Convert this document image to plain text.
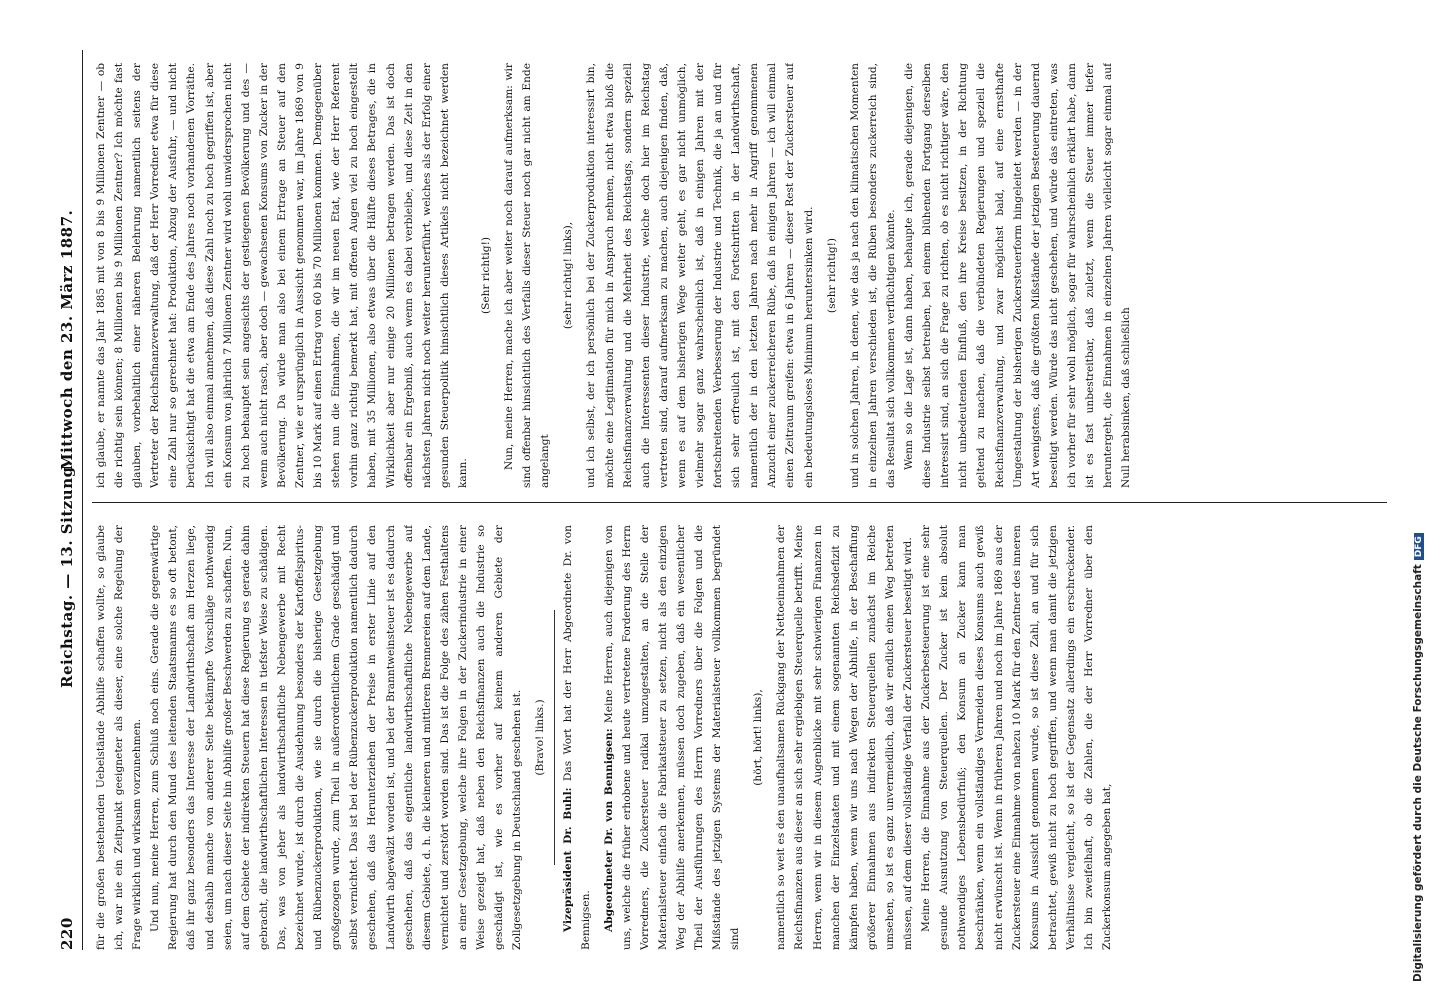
220
Reichstag. — 13. Sitzung.
Mittwoch den 23. März 1887.

für die großen bestehenden Uebelstände Abhilfe schaffen wollte, so glaube ich, war nie ein Zeitpunkt geeigneter als dieser, eine solche Regelung der Frage wirklich und wirksam vorzunehmen. Und nun, meine Herren, zum Schluß noch eins. Gerade die gegenwärtige Regierung hat durch den Mund des leitenden Staatsmanns es so oft betont, daß ihr ganz besonders das Interesse der Landwirthschaft am Herzen liege, und deshalb manche von anderer Seite bekämpfte Vorschläge nothwendig seien, um nach dieser Seite hin Abhilfe großer Beschwerden zu schaffen. Nun, auf dem Gebiete der indirekten Steuern hat diese Regierung es gerade dahin gebracht, die landwirthschaftlichen Interessen in tiefster Weise zu schädigen. Das, was von jeher als landwirthschaftliche Nebengewerbe mit Recht bezeichnet wurde, ist durch die Ausdehnung besonders der Kartoffelspiritus- und Rübenzuckerproduktion, wie sie durch die bisherige Gesetzgebung großgezogen wurde, zum Theil in außerordentlichem Grade geschädigt und selbst vernichtet. Das ist bei der Rübenzuckerproduktion namentlich dadurch geschehen, daß das Herunterziehen der Preise in erster Linie auf den Landwirth abgewälzt worden ist, und bei der Branntweinsteuer ist es dadurch geschehen, daß das eigentliche landwirthschaftliche Nebengewerbe auf diesem Gebiete, d. h. die kleineren und mittleren Brennereien auf dem Lande, vernichtet und zerstört worden sind. Das ist die Folge des zähen Festhaltens an einer Gesetzgebung, welche ihre Folgen in der Zuckerindustrie in einer Weise gezeigt hat, daß neben den Reichsfinanzen auch die Industrie so geschädigt ist, wie es vorher auf keinem anderen Gebiete der Zollgesetzgebung in Deutschland geschehen ist. (Bravo! links.)

Vizepräsident Dr. Buhl: Das Wort hat der Herr Abgeordnete Dr. von Bennigsen. Abgeordneter Dr. von Bennigsen: Meine Herren, auch diejenigen von uns, welche die früher erhobene und heute vertretene Forderung des Herrn Vorredners, die Zuckersteuer radikal umzugestalten, an die Stelle der Materialsteuer einfach die Fabrikatsteuer zu setzen, nicht als den einzigen Weg der Abhilfe anerkennen, müssen doch zugeben, daß ein wesentlicher Theil der Ausführungen des Herrn Vorredners über die Folgen und die Mißstände des jetzigen Systems der Materialsteuer vollkommen begründet sind

(hört, hört! links), namentlich so weit es den unaufhaltsamen Rückgang der Nettoeinnahmen der Reichsfinanzen aus dieser an sich sehr ergiebigen Steuerquelle betrifft. Meine Herren, wenn wir in diesem Augenblicke mit sehr schwierigen Finanzen in manchen der Einzelstaaten und mit einem sogenannten Reichsdefizit zu kämpfen haben, wenn wir uns nach Wegen der Abhilfe, in der Beschaffung größerer Einnahmen aus indirekten Steuerquellen zunächst im Reiche umsehen, so ist es ganz unvermeidlich, daß wir endlich einen Weg betreten müssen, auf dem dieser vollständige Verfall der Zuckersteuer beseitigt wird. Meine Herren, die Einnahme aus der Zuckerbesteuerung ist eine sehr gesunde Ausnutzung von Steuerquellen. Der Zucker ist kein absolut nothwendiges Lebensbedürfniß; den Konsum an Zucker kann man beschränken, wenn ein vollständiges Vermeiden dieses Konsums auch gewiß nicht erwünscht ist. Wenn in früheren Jahren und noch im Jahre 1869 aus der Zuckersteuer eine Einnahme von nahezu 10 Mark für den Zentner des inneren Konsums in Aussicht genommen wurde, so ist diese Zahl, an und für sich betrachtet, gewiß nicht zu hoch gegriffen, und wenn man damit die jetzigen Verhältnisse vergleicht, so ist der Gegensatz allerdings ein erschreckender. Ich bin zweifelhaft, ob die Zahlen, die der Herr Vorredner über den Zuckerkonsum angegeben hat,

ich glaube, er nannte das Jahr 1885 mit von 8 bis 9 Millionen Zentner — ob die richtig sein können; 8 Millionen bis 9 Millionen Zentner? Ich möchte fast glauben, vorbehaltlich einer näheren Belehrung namentlich seitens der Vertreter der Reichsfinanzverwaltung, daß der Herr Vorredner etwa für diese eine Zahl nur so gerechnet hat: Produktion, Abzug der Ausfuhr, — und nicht berücksichtigt hat die etwa am Ende des Jahres noch vorhandenen Vorräthe. Ich will also einmal annehmen, daß diese Zahl noch zu hoch gegriffen ist, aber ein Konsum von jährlich 7 Millionen Zentner wird wohl unwidersprochen nicht zu hoch behauptet sein angesichts der gestiegenen Bevölkerung und des — wenn auch nicht rasch, aber doch — gewachsenen Konsums von Zucker in der Bevölkerung. Da würde man also bei einem Ertrage an Steuer auf den Zentner, wie er ursprünglich in Aussicht genommen war, im Jahre 1869 von 9 bis 10 Mark auf einen Ertrag von 60 bis 70 Millionen kommen. Demgegenüber stehen nun die Einnahmen, die wir im neuen Etat, wie der Herr Referent vorhin ganz richtig bemerkt hat, mit offenen Augen viel zu hoch eingestellt haben, mit 35 Millionen, also etwas über die Hälfte dieses Betrages, die in Wirklichkeit aber nur einige 20 Millionen betragen werden. Das ist doch offenbar ein Ergebniß, auch wenn es dabei verbleibe, und diese Zeit in den nächsten Jahren nicht noch weiter herunterführt, welches als der Erfolg einer gesunden Steuerpolitik hinsichtlich dieses Artikels nicht bezeichnet werden kann.

(Sehr richtig!) Nun, meine Herren, mache ich aber weiter noch darauf aufmerksam: wir sind offenbar hinsichtlich des Verfalls dieser Steuer noch gar nicht am Ende angelangt

(sehr richtig! links), und ich selbst, der ich persönlich bei der Zuckerproduktion interessirt bin, möchte eine Legitimation für mich in Anspruch nehmen, nicht etwa bloß die Reichsfinanzverwaltung und die Mehrheit des Reichstags, sondern speziell auch die Interessenten dieser Industrie, welche doch hier im Reichstag vertreten sind, darauf aufmerksam zu machen, auch diejenigen finden, daß, wenn es auf dem bisherigen Wege weiter geht, es gar nicht unmöglich, vielmehr sogar ganz wahrscheinlich ist, daß in einigen Jahren mit der fortschreitenden Verbesserung der Industrie und Technik, die ja an und für sich sehr erfreulich ist, mit den Fortschritten in der Landwirthschaft, namentlich der in den letzten Jahren nach mehr in Angriff genommenen Anzucht einer zuckerreicheren Rübe, daß in einigen Jahren — ich will einmal einen Zeitraum greifen: etwa in 6 Jahren — dieser Rest der Zuckersteuer auf ein bedeutungsloses Minimum heruntersinken wird. (sehr richtig!) und in solchen Jahren, in denen, wie das ja nach den klimatischen Momenten in einzelnen Jahren verschieden ist, die Rüben besonders zuckerreich sind, das Resultat sich vollkommen verflüchtigen könnte. Wenn so die Lage ist, dann haben, behaupte ich, gerade diejenigen, die diese Industrie selbst betreiben, bei einem blühenden Fortgang derselben interessirt sind, an sich die Frage zu richten, ob es nicht richtiger wäre, den nicht unbedeutenden Einfluß, den ihre Kreise besitzen, in der Richtung geltend zu machen, daß die verbündeten Regierungen und speziell die Reichsfinanzverwaltung, und zwar möglichst bald, auf eine ernsthafte Umgestaltung der bisherigen Zuckersteuerform hingeleitet werden — in der Art wenigstens, daß die größten Mißstände der jetzigen Besteuerung dauernd beseitigt werden. Würde das nicht geschehen, und würde das eintreten, was ich vorher für sehr wohl möglich, sogar für wahrscheinlich erklärt habe, dann ist es fast unbestreitbar, daß zuletzt, wenn die Steuer immer tiefer heruntergeht, die Einnahmen in einzelnen Jahren vielleicht sogar einmal auf Null herabsinken, daß schließlich

Digitalisierung gefördert durch die Deutsche ForschungsgemeinschaftDFG
